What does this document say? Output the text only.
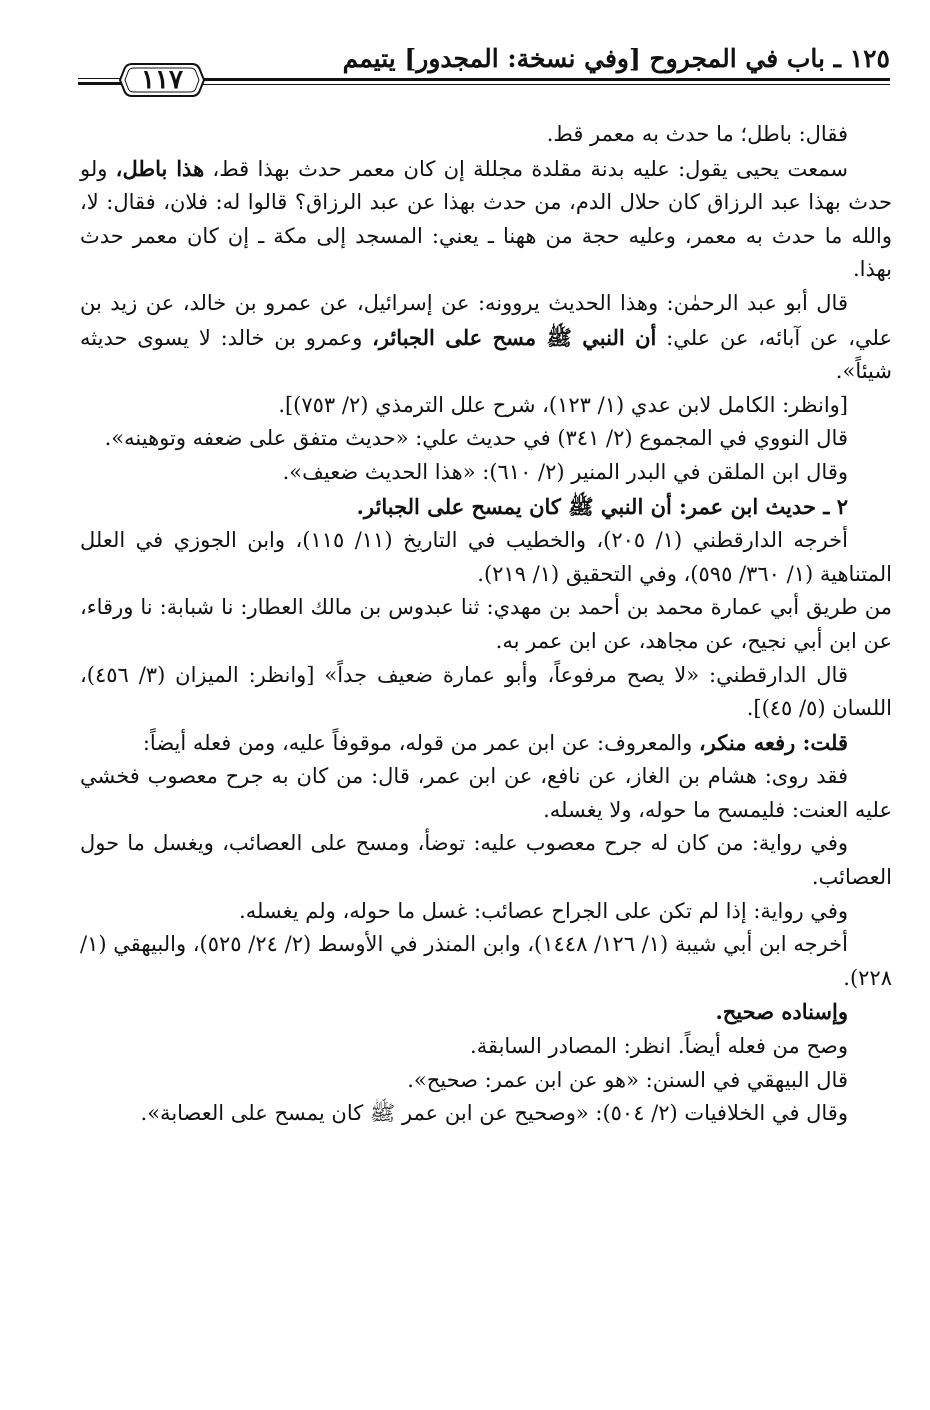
١٢٥ ـ باب في المجروح [وفي نسخة: المجدور] يتيمم
١١٧

فقال: باطل؛ ما حدث به معمر قط.

سمعت يحيى يقول: عليه بدنة مقلدة مجللة إن كان معمر حدث بهذا قط، هذا باطل، ولو حدث بهذا عبد الرزاق كان حلال الدم، من حدث بهذا عن عبد الرزاق؟ قالوا له: فلان، فقال: لا، والله ما حدث به معمر، وعليه حجة من ههنا ـ يعني: المسجد إلى مكة ـ إن كان معمر حدث بهذا.

قال أبو عبد الرحمٰن: وهذا الحديث يروونه: عن إسرائيل، عن عمرو بن خالد، عن زيد بن علي، عن آبائه، عن علي: أن النبي ﷺ مسح على الجبائر، وعمرو بن خالد: لا يسوى حديثه شيئاً».

[وانظر: الكامل لابن عدي (١/ ١٢٣)، شرح علل الترمذي (٢/ ٧٥٣)].

قال النووي في المجموع (٢/ ٣٤١) في حديث علي: «حديث متفق على ضعفه وتوهينه».

وقال ابن الملقن في البدر المنير (٢/ ٦١٠): «هذا الحديث ضعيف».

٢ ـ حديث ابن عمر: أن النبي ﷺ كان يمسح على الجبائر.

أخرجه الدارقطني (١/ ٢٠٥)، والخطيب في التاريخ (١١/ ١١٥)، وابن الجوزي في العلل المتناهية (١/ ٣٦٠/ ٥٩٥)، وفي التحقيق (١/ ٢١٩).

من طريق أبي عمارة محمد بن أحمد بن مهدي: ثنا عبدوس بن مالك العطار: نا شبابة: نا ورقاء، عن ابن أبي نجيح، عن مجاهد، عن ابن عمر به.

قال الدارقطني: «لا يصح مرفوعاً، وأبو عمارة ضعيف جداً» [وانظر: الميزان (٣/ ٤٥٦)، اللسان (٥/ ٤٥)].

قلت: رفعه منكر، والمعروف: عن ابن عمر من قوله، موقوفاً عليه، ومن فعله أيضاً:

فقد روى: هشام بن الغاز، عن نافع، عن ابن عمر، قال: من كان به جرح معصوب فخشي عليه العنت: فليمسح ما حوله، ولا يغسله.

وفي رواية: من كان له جرح معصوب عليه: توضأ، ومسح على العصائب، ويغسل ما حول العصائب.

وفي رواية: إذا لم تكن على الجراح عصائب: غسل ما حوله، ولم يغسله.

أخرجه ابن أبي شيبة (١/ ١٢٦/ ١٤٤٨)، وابن المنذر في الأوسط (٢/ ٢٤/ ٥٢٥)، والبيهقي (١/ ٢٢٨).

وإسناده صحيح.

وصح من فعله أيضاً. انظر: المصادر السابقة.

قال البيهقي في السنن: «هو عن ابن عمر: صحيح».

وقال في الخلافيات (٢/ ٥٠٤): «وصحيح عن ابن عمر ﷺ كان يمسح على العصابة».
